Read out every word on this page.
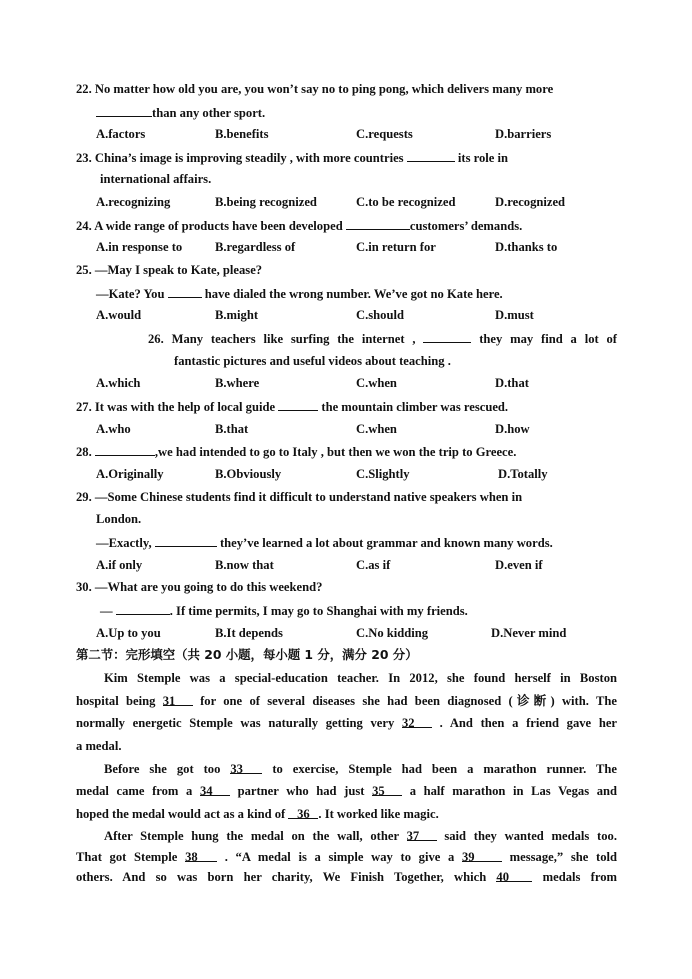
22. No matter how old you are, you won’t say no to ping pong, which delivers many more
than any other sport.
A.factors	B.benefits	C.requests	D.barriers
23. China’s image is improving steadily , with more countries	its role in
international affairs.
A.recognizing	B.being recognized	C.to be recognized	D.recognized
24. A wide range of products have been developed	customers’ demands.
A.in response to	B.regardless of	C.in return for	D.thanks to
25. —May I speak to Kate, please?
—Kate? You	have dialed the wrong number. We’ve got no Kate here.
A.would	B.might	C.should	D.must
26. Many teachers like surfing the internet ,	they may find a lot of
fantastic pictures and useful videos about teaching .
A.which	B.where	C.when	D.that
27. It was with the help of local guide	the mountain climber was rescued.
A.who	B.that	C.when	D.how
28.	,we had intended to go to Italy , but then we won the trip to Greece.
A.Originally	B.Obviously	C.Slightly	D.Totally
29. —Some Chinese students find it difficult to understand native speakers when in
London.
—Exactly,	they’ve learned a lot about grammar and known many words.
A.if only	B.now that	C.as if	D.even if
30. —What are you going to do this weekend?
—	. If time permits, I may go to Shanghai with my friends.
A.Up to you	B.It depends	C.No kidding	D.Never mind
第二节：完形填空（共 20 小题，每小题 1 分，满分 20 分）
Kim Stemple was a special-education teacher. In 2012, she found herself in Boston
hospital being 31 for one of several diseases she had been diagnosed (诊断) with. The
normally energetic Stemple was naturally getting very 32 . And then a friend gave her
a medal.
Before she got too 33 to exercise, Stemple had been a marathon runner. The
medal came from a 34 partner who had just 35 a half marathon in Las Vegas and
hoped the medal would act as a kind of 36 . It worked like magic.
After Stemple hung the medal on the wall, other 37 said they wanted medals too.
That got Stemple 38 . “A medal is a simple way to give a 39	message,” she told
others. And so was born her charity, We Finish Together, which 40	medals from
